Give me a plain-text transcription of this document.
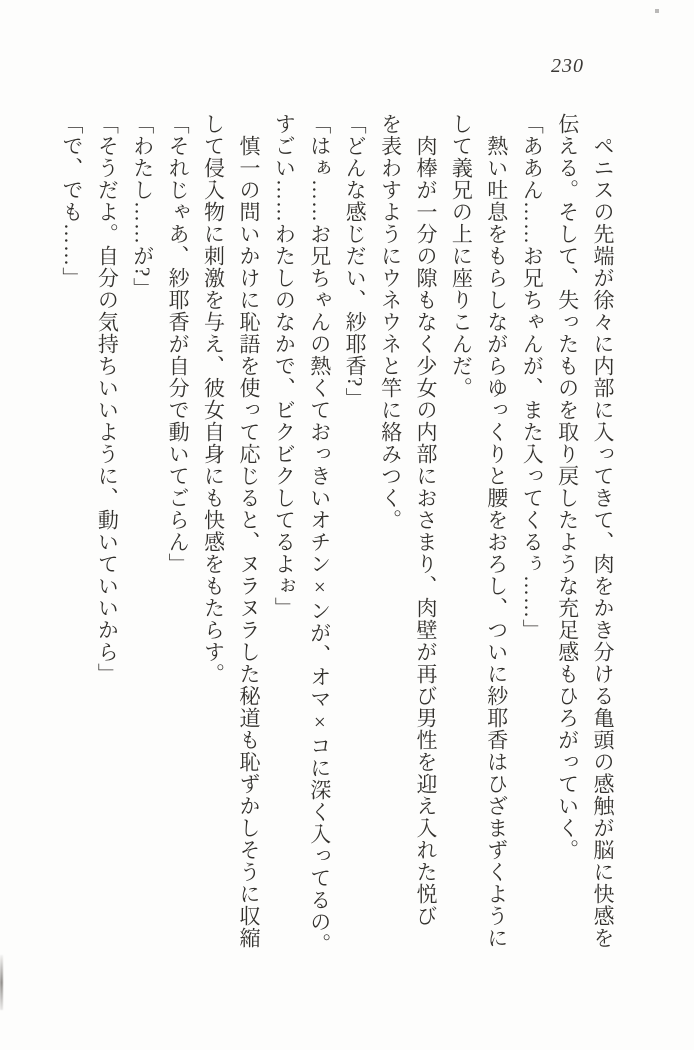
230
ペニスの先端が徐々に内部に入ってきて、肉をかき分ける亀頭の感触が脳に快感を
伝える。そして、失ったものを取り戻したような充足感もひろがっていく。
「ああん……お兄ちゃんが、また入ってくるぅ……」
熱い吐息をもらしながらゆっくりと腰をおろし、ついに紗耶香はひざまずくように
して義兄の上に座りこんだ。
肉棒が一分の隙もなく少女の内部におさまり、肉壁が再び男性を迎え入れた悦び
を表わすようにウネウネと竿に絡みつく。
「どんな感じだい、紗耶香?」
「はぁ……お兄ちゃんの熱くておっきいオチン×ンが、オマ×コに深く入ってるの。
すごい……わたしのなかで、ビクビクしてるよぉ」
慎一の問いかけに恥語を使って応じると、ヌラヌラした秘道も恥ずかしそうに収縮
して侵入物に刺激を与え、彼女自身にも快感をもたらす。
「それじゃあ、紗耶香が自分で動いてごらん」
「わたし……が?」
「そうだよ。自分の気持ちいいように、動いていいから」
「で、でも……」
